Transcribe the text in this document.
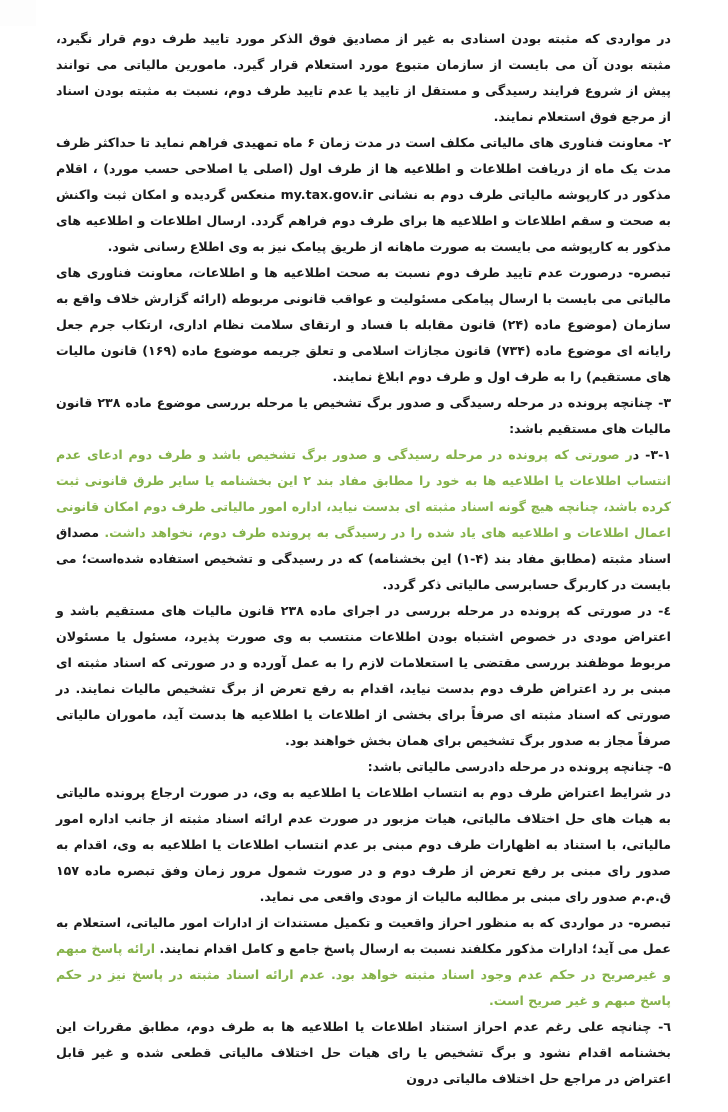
در مواردی که مثبته بودن اسنادی به غیر از مصادیق فوق الذکر مورد تایید طرف دوم قرار نگیرد، مثبته بودن آن می بایست از سازمان متبوع مورد استعلام قرار گیرد. مامورین مالیاتی می توانند پیش از شروع فرایند رسیدگی و مستقل از تایید یا عدم تایید طرف دوم، نسبت به مثبته بودن اسناد از مرجع فوق استعلام نمایند.

۲- معاونت فناوری های مالیاتی مکلف است در مدت زمان ۶ ماه تمهیدی فراهم نماید تا حداکثر ظرف مدت یک ماه از دریافت اطلاعات و اطلاعیه ها از طرف اول (اصلی یا اصلاحی حسب مورد) ، اقلام مذکور در کارپوشه مالیاتی طرف دوم به نشانی my.tax.gov.ir منعکس گردیده و امکان ثبت واکنش به صحت و سقم اطلاعات و اطلاعیه ها برای طرف دوم فراهم گردد. ارسال اطلاعات و اطلاعیه های مذکور به کارپوشه می بایست به صورت ماهانه از طریق پیامک نیز به وی اطلاع رسانی شود.

تبصره- درصورت عدم تایید طرف دوم نسبت به صحت اطلاعیه ها و اطلاعات، معاونت فناوری های مالیاتی می بایست با ارسال پیامکی مسئولیت و عواقب قانونی مربوطه (ارائه گزارش خلاف واقع به سازمان (موضوع ماده (۲۴) قانون مقابله با فساد و ارتقای سلامت نظام اداری، ارتکاب جرم جعل رایانه ای موضوع ماده (۷۳۴) قانون مجازات اسلامی و تعلق جریمه موضوع ماده (۱۶۹) قانون مالیات های مستقیم) را به طرف اول و طرف دوم ابلاغ نمایند.

۳- چنانچه پرونده در مرحله رسیدگی و صدور برگ تشخیص یا مرحله بررسی موضوع ماده ۲۳۸ قانون مالیات های مستقیم باشد:

۳-۱- در صورتی که پرونده در مرحله رسیدگی و صدور برگ تشخیص باشد و طرف دوم ادعای عدم انتساب اطلاعات یا اطلاعیه ها به خود را مطابق مفاد بند ۲ این بخشنامه یا سایر طرق قانونی ثبت کرده باشد، چنانچه هیچ گونه اسناد مثبته ای بدست نیاید، اداره امور مالیاتی طرف دوم امکان قانونی اعمال اطلاعات و اطلاعیه های یاد شده را در رسیدگی به پرونده طرف دوم، نخواهد داشت. مصداق اسناد مثبته (مطابق مفاد بند (۴-۱) این بخشنامه) که در رسیدگی و تشخیص استفاده شده‌است؛ می بایست در کاربرگ حسابرسی مالیاتی ذکر گردد.

٤- در صورتی که پرونده در مرحله بررسی در اجرای ماده ۲۳۸ قانون مالیات های مستقیم باشد و اعتراض مودی در خصوص اشتباه بودن اطلاعات منتسب به وی صورت پذیرد، مسئول یا مسئولان مربوط موظفند بررسی مقتضی یا استعلامات لازم را به عمل آورده و در صورتی که اسناد مثبته ای مبنی بر رد اعتراض طرف دوم بدست نیاید، اقدام به رفع تعرض از برگ تشخیص مالیات نمایند. در صورتی که اسناد مثبته ای صرفاً برای بخشی از اطلاعات یا اطلاعیه ها بدست آید، ماموران مالیاتی صرفاً مجاز به صدور برگ تشخیص برای همان بخش خواهند بود.

۵- چنانچه پرونده در مرحله دادرسی مالیاتی باشد:

در شرایط اعتراض طرف دوم به انتساب اطلاعات یا اطلاعیه به وی، در صورت ارجاع پرونده مالیاتی به هیات های حل اختلاف مالیاتی، هیات مزبور در صورت عدم ارائه اسناد مثبته از جانب اداره امور مالیاتی، با استناد به اظهارات طرف دوم مبنی بر عدم انتساب اطلاعات یا اطلاعیه به وی، اقدام به صدور رای مبنی بر رفع تعرض از طرف دوم و در صورت شمول مرور زمان وفق تبصره ماده ۱۵۷ ق.م.م صدور رای مبنی بر مطالبه مالیات از مودی واقعی می نماید.

تبصره- در مواردی که به منظور احراز واقعیت و تکمیل مستندات از ادارات امور مالیاتی، استعلام به عمل می آید؛ ادارات مذکور مکلفند نسبت به ارسال پاسخ جامع و کامل اقدام نمایند. ارائه پاسخ مبهم و غیرصریح در حکم عدم وجود اسناد مثبته خواهد بود. عدم ارائه اسناد مثبته در پاسخ نیز در حکم پاسخ مبهم و غیر صریح است.

٦- چنانچه علی رغم عدم احراز استناد اطلاعات یا اطلاعیه ها به طرف دوم، مطابق مقررات این بخشنامه اقدام نشود و برگ تشخیص یا رای هیات حل اختلاف مالیاتی قطعی شده و غیر قابل اعتراض در مراجع حل اختلاف مالیاتی درون
